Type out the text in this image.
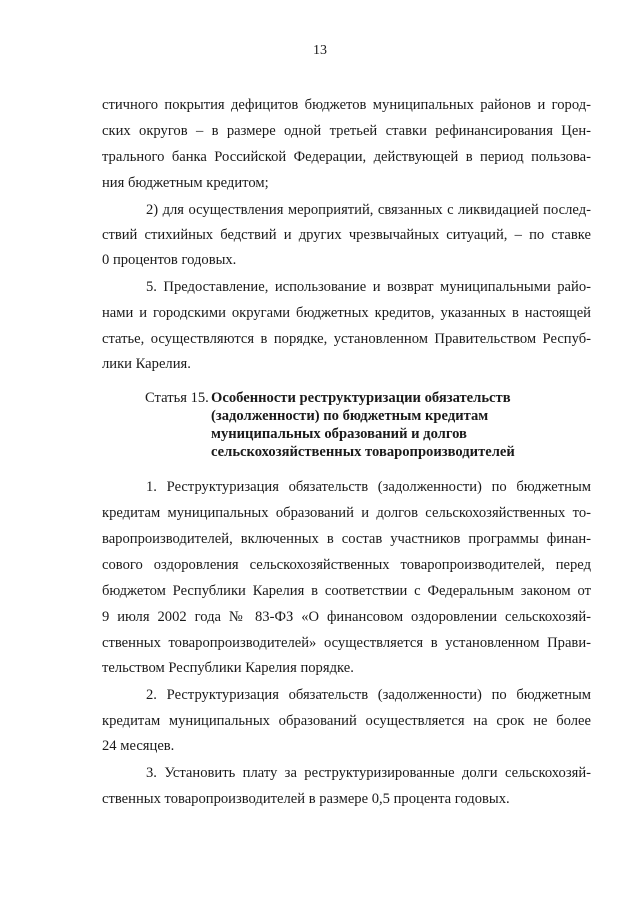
13
стичного покрытия дефицитов бюджетов муниципальных районов и город-
ских округов – в размере одной третьей ставки рефинансирования Цен-
трального банка Российской Федерации, действующей в период пользова-
ния бюджетным кредитом;
2) для осуществления мероприятий, связанных с ликвидацией послед-
ствий стихийных бедствий и других чрезвычайных ситуаций, – по ставке
0 процентов годовых.
5. Предоставление, использование и возврат муниципальными райо-
нами и городскими округами бюджетных кредитов, указанных в настоящей
статье, осуществляются в порядке, установленном Правительством Респуб-
лики Карелия.
Статья 15. Особенности реструктуризации обязательств
(задолженности) по бюджетным кредитам
муниципальных образований и долгов
сельскохозяйственных товаропроизводителей
1. Реструктуризация обязательств (задолженности) по бюджетным
кредитам муниципальных образований и долгов сельскохозяйственных то-
варопроизводителей, включенных в состав участников программы финан-
сового оздоровления сельскохозяйственных товаропроизводителей, перед
бюджетом Республики Карелия в соответствии с Федеральным законом от
9 июля 2002 года № 83-ФЗ «О финансовом оздоровлении сельскохозяй-
ственных товаропроизводителей» осуществляется в установленном Прави-
тельством Республики Карелия порядке.
2. Реструктуризация обязательств (задолженности) по бюджетным
кредитам муниципальных образований осуществляется на срок не более
24 месяцев.
3. Установить плату за реструктуризированные долги сельскохозяй-
ственных товаропроизводителей в размере 0,5 процента годовых.
